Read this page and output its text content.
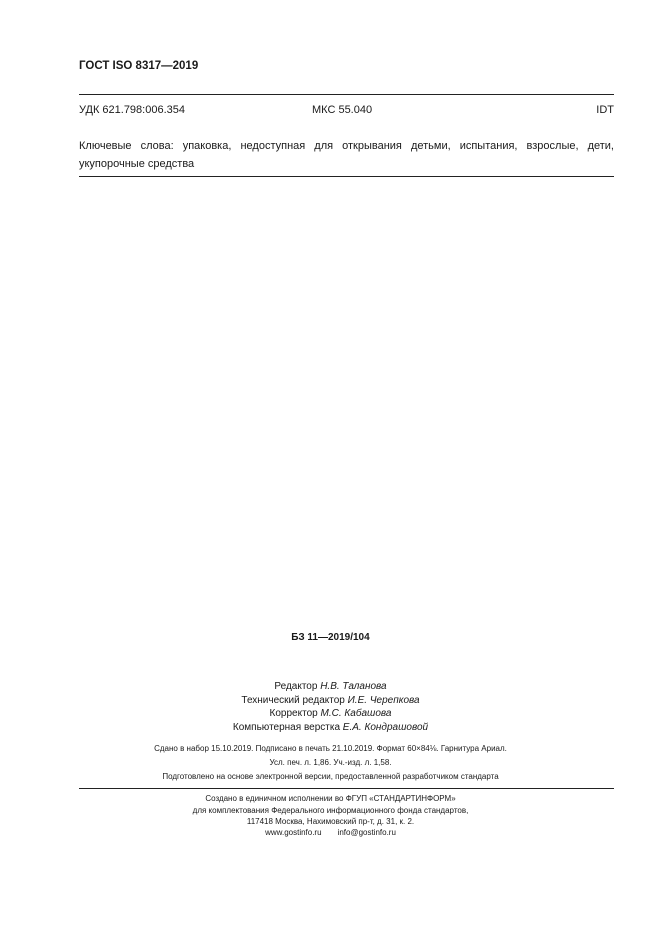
ГОСТ ISO 8317—2019
УДК 621.798:006.354	МКС 55.040	IDT
Ключевые слова: упаковка, недоступная для открывания детьми, испытания, взрослые, дети, укупорочные средства
БЗ 11—2019/104
Редактор Н.В. Таланова
Технический редактор И.Е. Черепкова
Корректор М.С. Кабашова
Компьютерная верстка Е.А. Кондрашовой
Сдано в набор 15.10.2019. Подписано в печать 21.10.2019. Формат 60×84⅛. Гарнитура Ариал.
Усл. печ. л. 1,86. Уч.-изд. л. 1,58.
Подготовлено на основе электронной версии, предоставленной разработчиком стандарта
Создано в единичном исполнении во ФГУП «СТАНДАРТИНФОРМ»
для комплектования Федерального информационного фонда стандартов,
117418 Москва, Нахимовский пр-т, д. 31, к. 2.
www.gostinfo.ru info@gostinfo.ru
